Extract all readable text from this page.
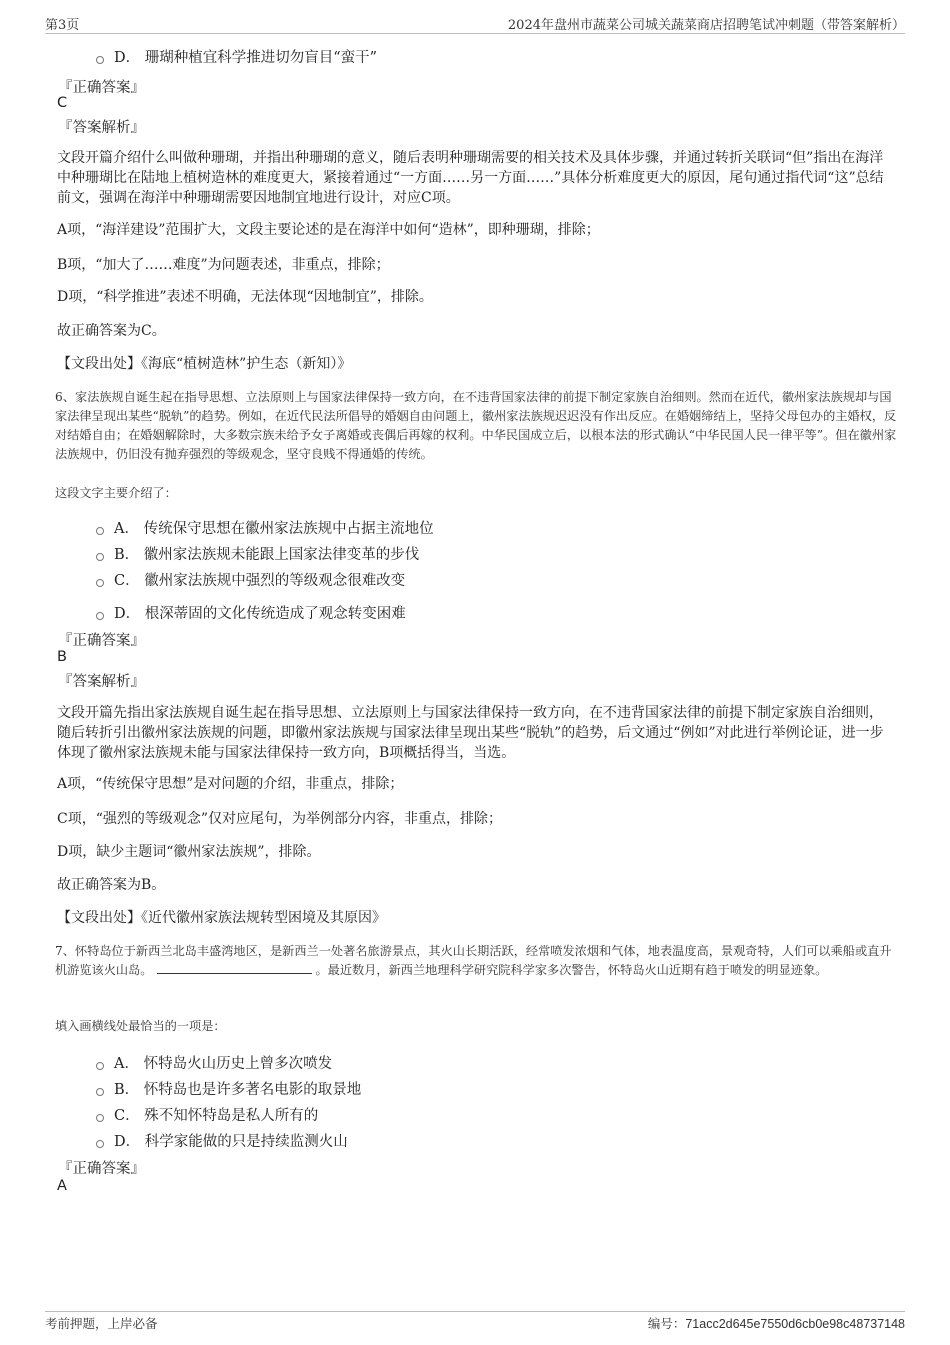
第3页	2024年盘州市蔬菜公司城关蔬菜商店招聘笔试冲刺题（带答案解析）
D． 珊瑚种植宜科学推进切勿盲目“蛮干”
『正确答案』
C
『答案解析』
文段开篇介绍什么叫做种珊瑚，并指出种珊瑚的意义，随后表明种珊瑚需要的相关技术及具体步骤，并通过转折关联词“但”指出在海洋中种珊瑚比在陆地上植树造林的难度更大，紧接着通过“一方面……另一方面……”具体分析难度更大的原因，尾句通过指代词“这”总结前文，强调在海洋中种珊瑚需要因地制宜地进行设计，对应C项。
A项，“海洋建设”范围扩大，文段主要论述的是在海洋中如何“造林”，即种珊瑚，排除；
B项，“加大了……难度”为问题表述，非重点，排除；
D项，“科学推进”表述不明确，无法体现“因地制宜”，排除。
故正确答案为C。
【文段出处】《海底“植树造林”护生态（新知）》
6、家法族规自诞生起在指导思想、立法原则上与国家法律保持一致方向，在不违背国家法律的前提下制定家族自治细则。然而在近代，徽州家法族规却与国家法律呈现出某些“脱轨”的趋势。例如，在近代民法所倡导的婚姻自由问题上，徽州家法族规迟迟没有作出反应。在婚姻缔结上，坚持父母包办的主婚权，反对结婚自由；在婚姻解除时，大多数宗族未给予女子离婚或丧偶后再嫁的权利。中华民国成立后，以根本法的形式确认“中华民国人民一律平等”。但在徽州家法族规中，仍旧没有抛弃强烈的等级观念，坚守良贱不得通婚的传统。
这段文字主要介绍了：
A． 传统保守思想在徽州家法族规中占据主流地位
B． 徽州家法族规未能跟上国家法律变革的步伐
C． 徽州家法族规中强烈的等级观念很难改变
D． 根深蒂固的文化传统造成了观念转变困难
『正确答案』
B
『答案解析』
文段开篇先指出家法族规自诞生起在指导思想、立法原则上与国家法律保持一致方向，在不违背国家法律的前提下制定家族自治细则，随后转折引出徽州家法族规的问题，即徽州家法族规与国家法律呈现出某些“脱轨”的趋势，后文通过“例如”对此进行举例论证，进一步体现了徽州家法族规未能与国家法律保持一致方向，B项概括得当，当选。
A项，“传统保守思想”是对问题的介绍，非重点，排除；
C项，“强烈的等级观念”仅对应尾句，为举例部分内容，非重点，排除；
D项，缺少主题词“徽州家法族规”，排除。
故正确答案为B。
【文段出处】《近代徽州家族法规转型困境及其原因》
7、怀特岛位于新西兰北岛丰盛湾地区，是新西兰一处著名旅游景点，其火山长期活跃，经常喷发浓烟和气体，地表温度高，景观奇特，人们可以乘船或直升机游览该火山岛。	。最近数月，新西兰地理科学研究院科学家多次警告，怀特岛火山近期有趋于喷发的明显迹象。
填入画横线处最恰当的一项是：
A． 怀特岛火山历史上曾多次喷发
B． 怀特岛也是许多著名电影的取景地
C． 殊不知怀特岛是私人所有的
D． 科学家能做的只是持续监测火山
『正确答案』
A
考前押题，上岸必备	编号：71acc2d645e7550d6cb0e98c48737148
